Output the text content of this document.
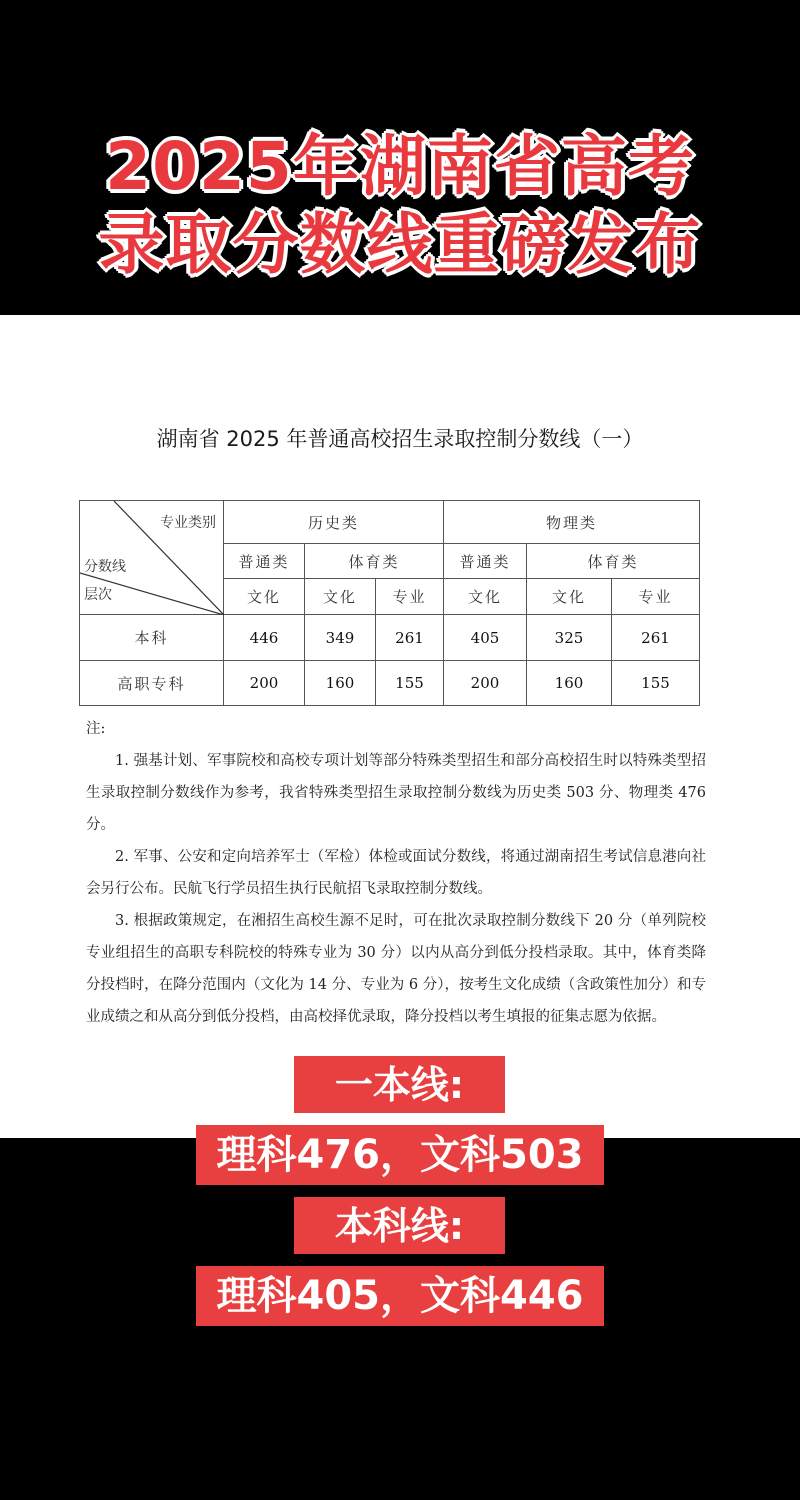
2025年湖南省高考
录取分数线重磅发布
湖南省 2025 年普通高校招生录取控制分数线（一）
专业类别
分数线
层次	历史类			物理类		
	普通类	体育类		普通类	体育类	
	文化	文化	专业	文化	文化	专业
本科	446	349	261	405	325	261
高职专科	200	160	155	200	160	155

注:

1. 强基计划、军事院校和高校专项计划等部分特殊类型招生和部分高校招生时以特殊类型招生录取控制分数线作为参考，我省特殊类型招生录取控制分数线为历史类 503 分、物理类 476 分。

2. 军事、公安和定向培养军士（军检）体检或面试分数线，将通过湖南招生考试信息港向社会另行公布。民航飞行学员招生执行民航招飞录取控制分数线。

3. 根据政策规定，在湘招生高校生源不足时，可在批次录取控制分数线下 20 分（单列院校专业组招生的高职专科院校的特殊专业为 30 分）以内从高分到低分投档录取。其中，体育类降分投档时，在降分范围内（文化为 14 分、专业为 6 分），按考生文化成绩（含政策性加分）和专业成绩之和从高分到低分投档，由高校择优录取，降分投档以考生填报的征集志愿为依据。

一本线:
理科476，文科503
本科线:
理科405，文科446
